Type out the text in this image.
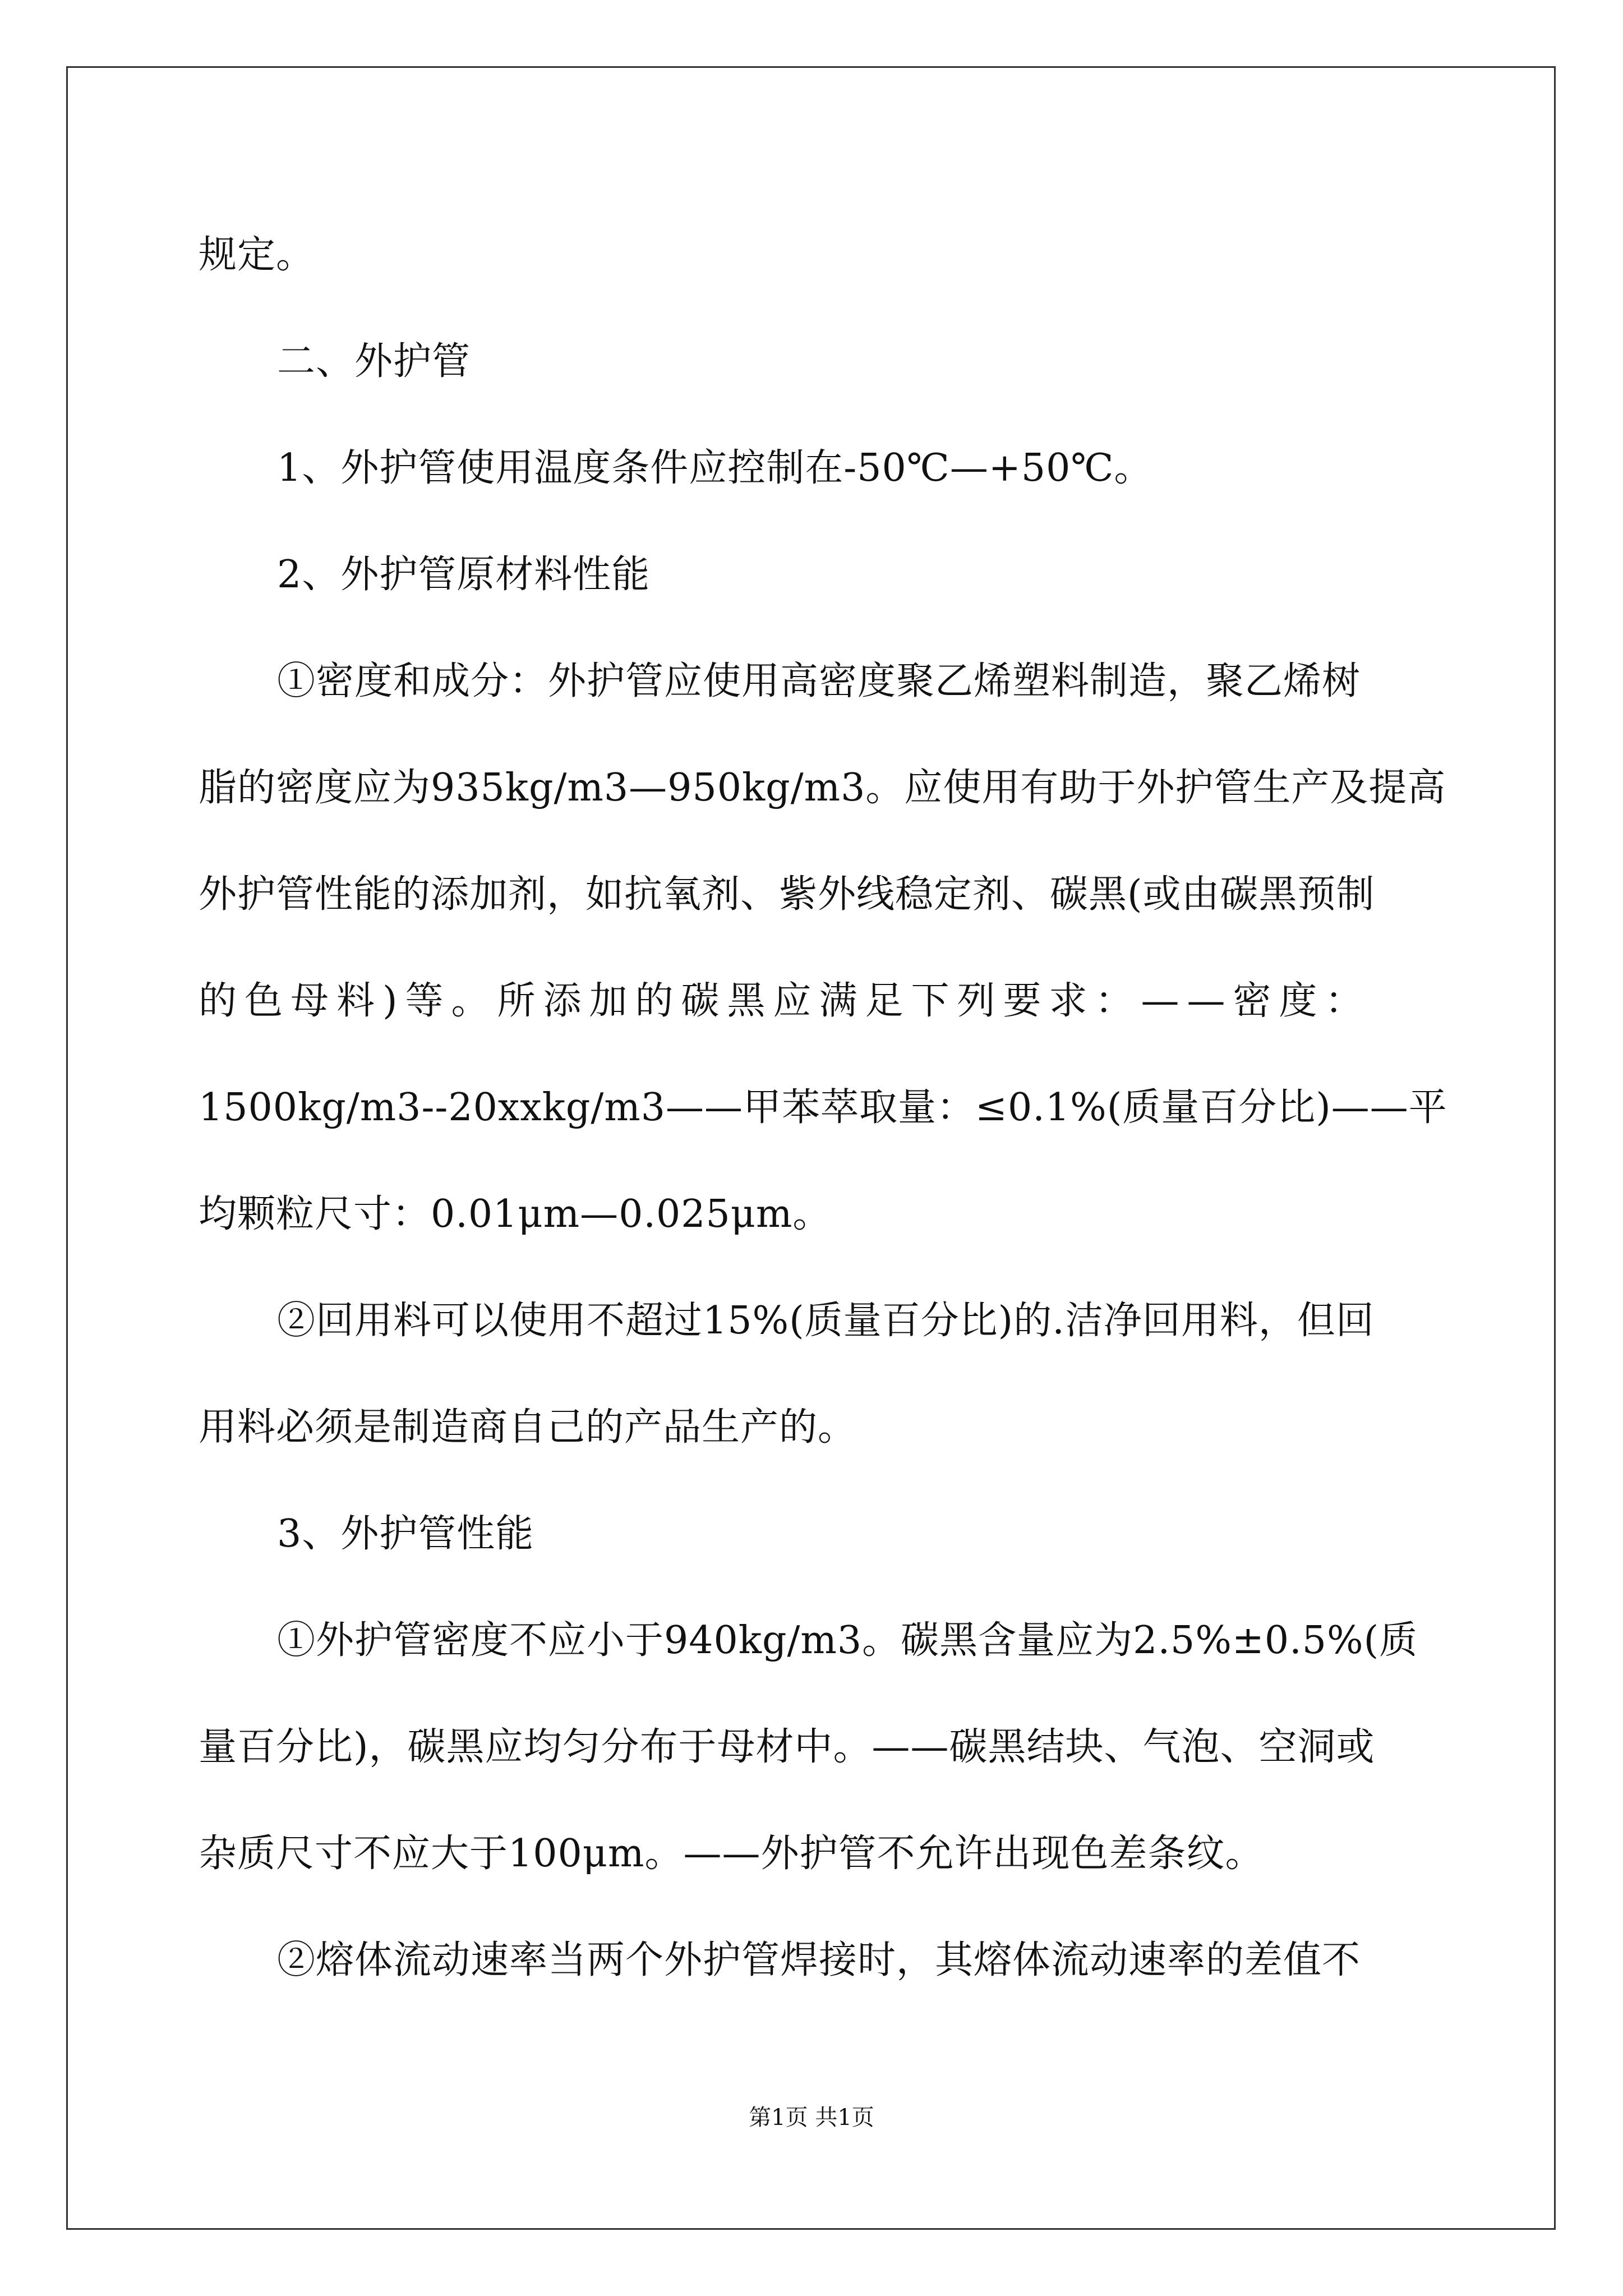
规定。
二、外护管
1、外护管使用温度条件应控制在-50℃—+50℃。
2、外护管原材料性能
①密度和成分：外护管应使用高密度聚乙烯塑料制造，聚乙烯树
脂的密度应为935kg/m3—950kg/m3。应使用有助于外护管生产及提高
外护管性能的添加剂，如抗氧剂、紫外线稳定剂、碳黑(或由碳黑预制
的色母料)等。所添加的碳黑应满足下列要求：——密度：
1500kg/m3--20xxkg/m3——甲苯萃取量：≤0.1%(质量百分比)——平
均颗粒尺寸：0.01μm—0.025μm。
②回用料可以使用不超过15%(质量百分比)的.洁净回用料，但回
用料必须是制造商自己的产品生产的。
3、外护管性能
①外护管密度不应小于940kg/m3。碳黑含量应为2.5%±0.5%(质
量百分比)，碳黑应均匀分布于母材中。——碳黑结块、气泡、空洞或
杂质尺寸不应大于100μm。——外护管不允许出现色差条纹。
②熔体流动速率当两个外护管焊接时，其熔体流动速率的差值不
第1页 共1页
